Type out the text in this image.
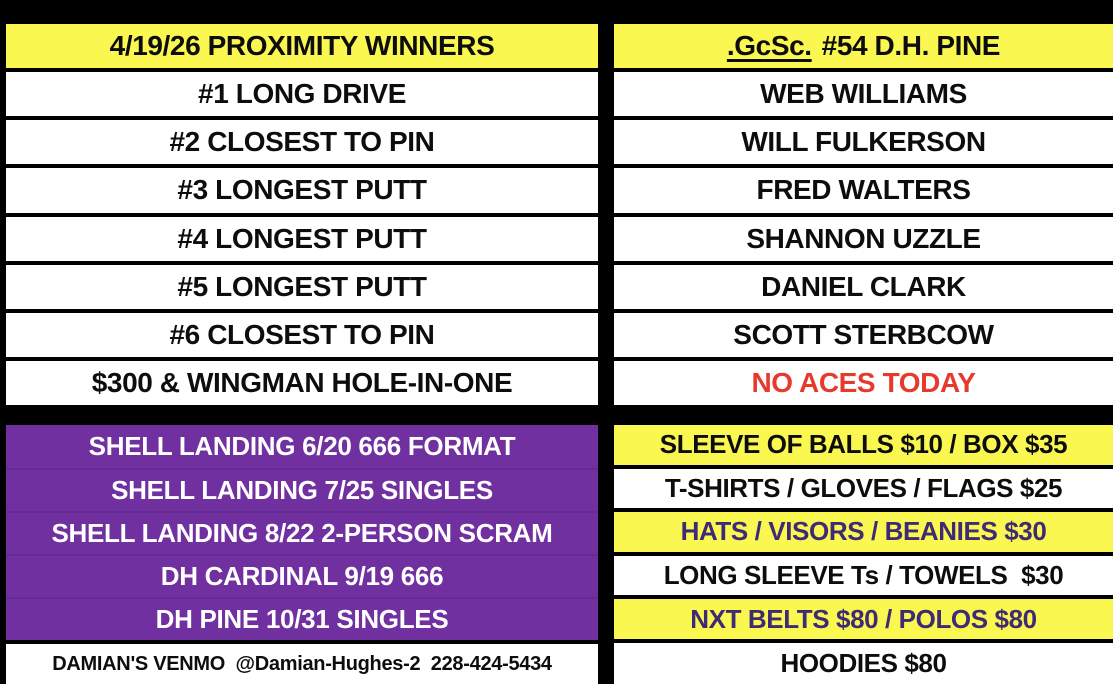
4/19/26 PROXIMITY WINNERS
#1 LONG DRIVE
#2 CLOSEST TO PIN
#3 LONGEST PUTT
#4 LONGEST PUTT
#5 LONGEST PUTT
#6 CLOSEST TO PIN
$300 & WINGMAN HOLE-IN-ONE
.GcSc. #54 D.H. PINE
WEB WILLIAMS
WILL FULKERSON
FRED WALTERS
SHANNON UZZLE
DANIEL CLARK
SCOTT STERBCOW
NO ACES TODAY
SHELL LANDING 6/20 666 FORMAT
SHELL LANDING 7/25 SINGLES
SHELL LANDING 8/22 2-PERSON SCRAM
DH CARDINAL 9/19 666
DH PINE 10/31 SINGLES
DAMIAN'S VENMO  @Damian-Hughes-2  228-424-5434
SLEEVE OF BALLS $10 / BOX $35
T-SHIRTS / GLOVES / FLAGS $25
HATS / VISORS / BEANIES $30
LONG SLEEVE Ts / TOWELS  $30
NXT BELTS $80 / POLOS $80
HOODIES $80
